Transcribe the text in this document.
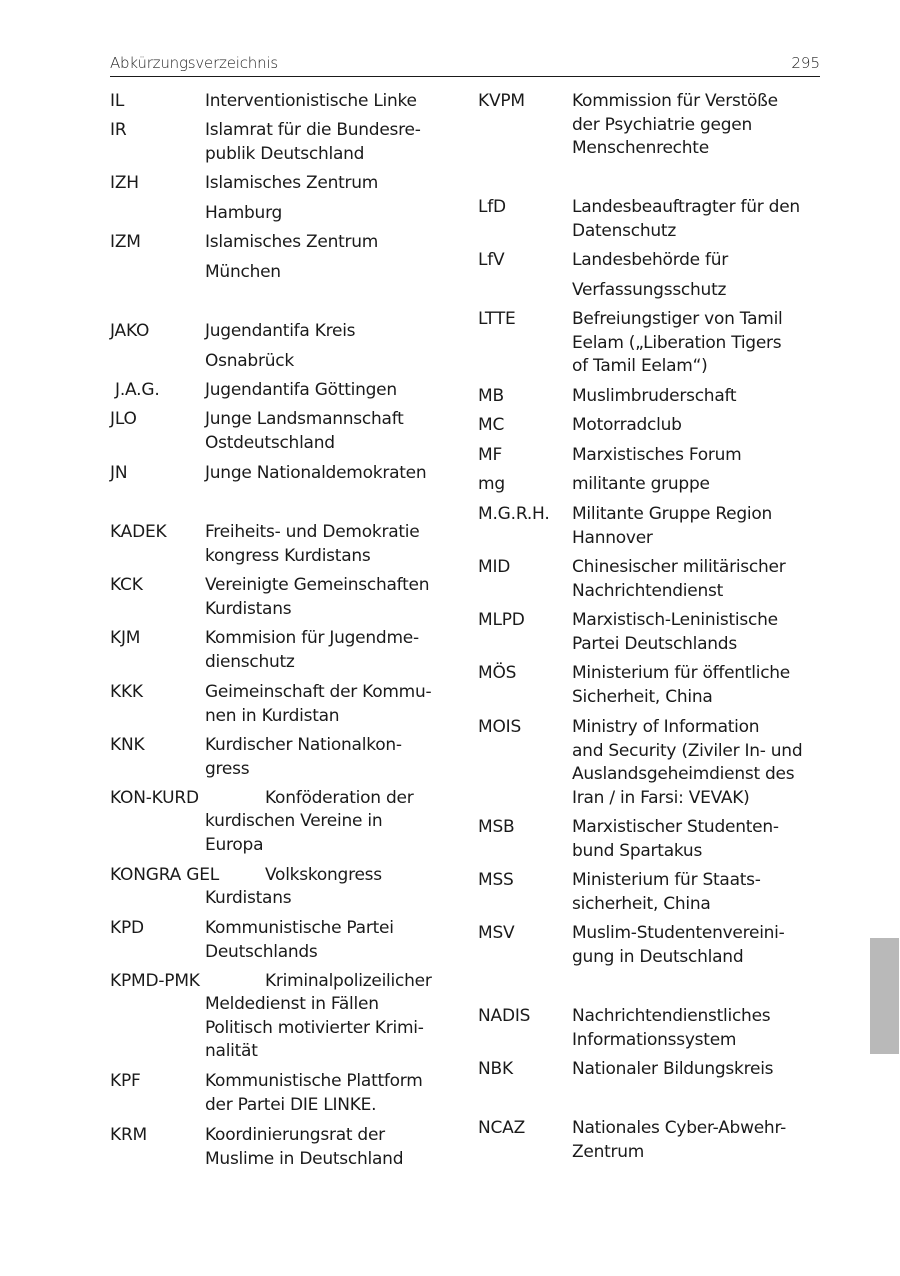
Abkürzungsverzeichnis	295
IL	Interventionistische Linke
IR	Islamrat für die Bundesre-
publik Deutschland
IZH	Islamisches Zentrum
Hamburg
IZM	Islamisches Zentrum
München
JAKO	Jugendantifa Kreis
Osnabrück
J.A.G.	Jugendantifa Göttingen
JLO	Junge Landsmannschaft
Ostdeutschland
JN	Junge Nationaldemokraten
KADEK Freiheits- und Demokratie
kongress Kurdistans
KCK	Vereinigte Gemeinschaften
Kurdistans
KJM	Kommision für Jugendme-
dienschutz
KKK	Geimeinschaft der Kommu-
nen in Kurdistan
KNK	Kurdischer Nationalkon-
gress
KON-KURD	Konföderation der
kurdischen Vereine in
Europa
KONGRA GEL	Volkskongress
Kurdistans
KPD	Kommunistische Partei
Deutschlands
KPMD-PMK	Kriminalpolizeilicher
Meldedienst in Fällen
Politisch motivierter Krimi-
nalität
KPF	Kommunistische Plattform
der Partei DIE LINKE.
KRM	Koordinierungsrat der
Muslime in Deutschland
KVPM	Kommission für Verstöße
der Psychiatrie gegen
Menschenrechte
LfD	Landesbeauftragter für den
Datenschutz
LfV	Landesbehörde für
Verfassungsschutz
LTTE	Befreiungstiger von Tamil
Eelam („Liberation Tigers
of Tamil Eelam“)
MB	Muslimbruderschaft
MC	Motorradclub
MF	Marxistisches Forum
mg	militante gruppe
M.G.R.H. Militante Gruppe Region
Hannover
MID	Chinesischer militärischer
Nachrichtendienst
MLPD	Marxistisch-Leninistische
Partei Deutschlands
MÖS	Ministerium für öffentliche
Sicherheit, China
MOIS	Ministry of Information
and Security (Ziviler In- und
Auslandsgeheimdienst des
Iran / in Farsi: VEVAK)
MSB	Marxistischer Studenten-
bund Spartakus
MSS	Ministerium für Staats-
sicherheit, China
MSV	Muslim-Studentenvereini-
gung in Deutschland
NADIS Nachrichtendienstliches
Informationssystem
NBK	Nationaler Bildungskreis
NCAZ	Nationales Cyber-Abwehr-
Zentrum
